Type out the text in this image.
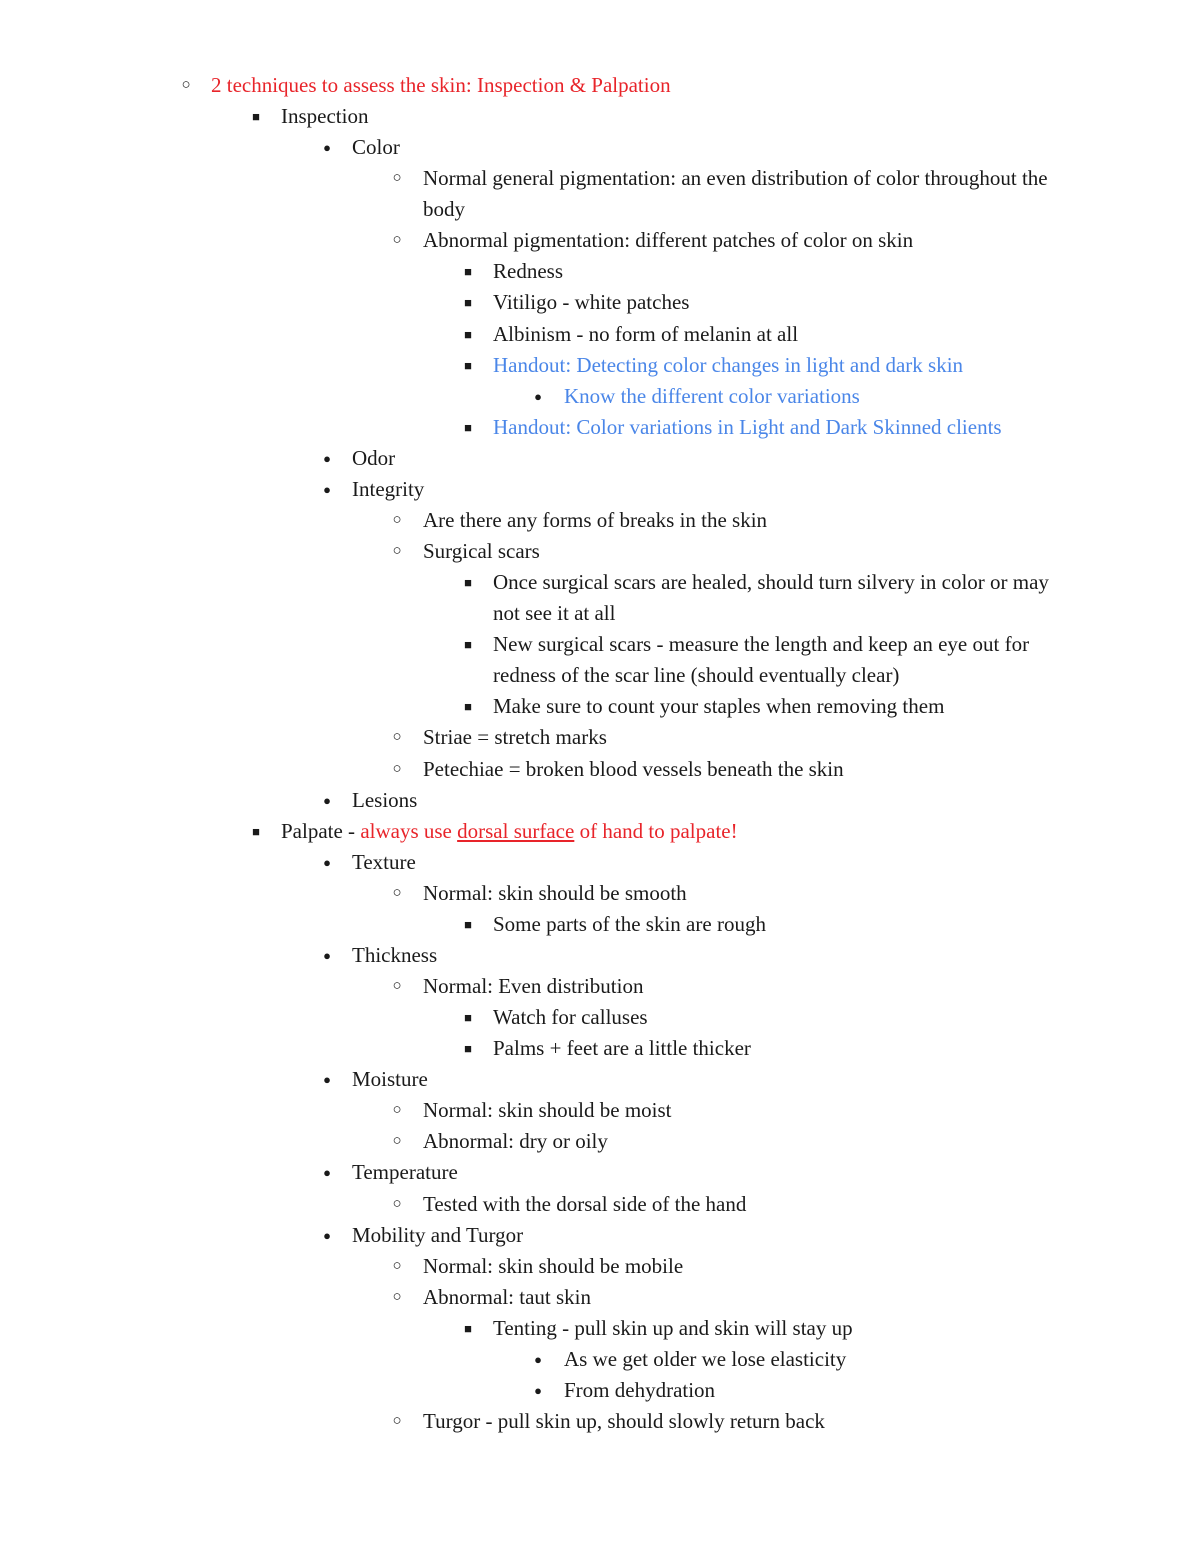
○
2 techniques to assess the skin: Inspection & Palpation
■
Inspection
●
Color
○
Normal general pigmentation: an even distribution of color throughout the
body
○
Abnormal pigmentation: different patches of color on skin
■
Redness
■
Vitiligo - white patches
■
Albinism - no form of melanin at all
■
Handout: Detecting color changes in light and dark skin
●
Know the different color variations
■
Handout: Color variations in Light and Dark Skinned clients
●
Odor
●
Integrity
○
Are there any forms of breaks in the skin
○
Surgical scars
■
Once surgical scars are healed, should turn silvery in color or may
not see it at all
■
New surgical scars - measure the length and keep an eye out for
redness of the scar line (should eventually clear)
■
Make sure to count your staples when removing them
○
Striae = stretch marks
○
Petechiae = broken blood vessels beneath the skin
●
Lesions
■
Palpate - always use dorsal surface of hand to palpate!
●
Texture
○
Normal: skin should be smooth
■
Some parts of the skin are rough
●
Thickness
○
Normal: Even distribution
■
Watch for calluses
■
Palms + feet are a little thicker
●
Moisture
○
Normal: skin should be moist
○
Abnormal: dry or oily
●
Temperature
○
Tested with the dorsal side of the hand
●
Mobility and Turgor
○
Normal: skin should be mobile
○
Abnormal: taut skin
■
Tenting - pull skin up and skin will stay up
●
As we get older we lose elasticity
●
From dehydration
○
Turgor - pull skin up, should slowly return back
